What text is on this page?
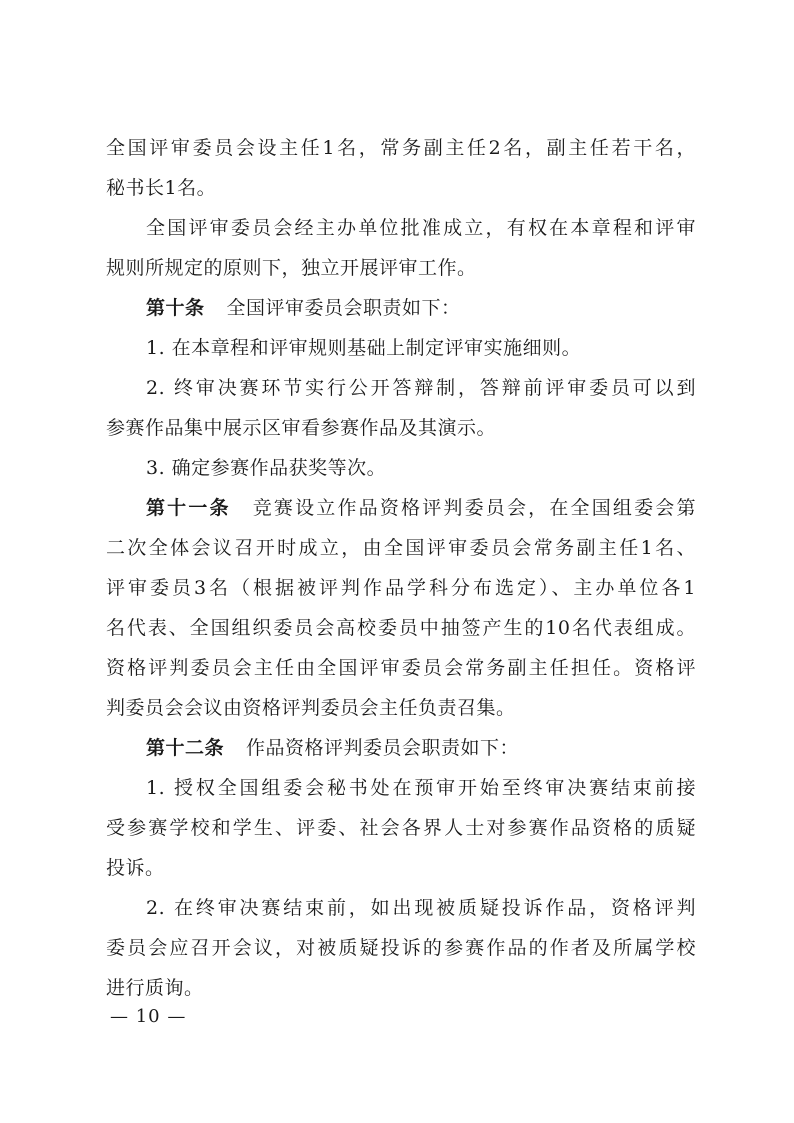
全国评审委员会设主任1名，常务副主任2名，副主任若干名，
秘书长1名。
全国评审委员会经主办单位批准成立，有权在本章程和评审
规则所规定的原则下，独立开展评审工作。
第十条 全国评审委员会职责如下：
1. 在本章程和评审规则基础上制定评审实施细则。
2. 终审决赛环节实行公开答辩制，答辩前评审委员可以到
参赛作品集中展示区审看参赛作品及其演示。
3. 确定参赛作品获奖等次。
第十一条 竞赛设立作品资格评判委员会，在全国组委会第
二次全体会议召开时成立，由全国评审委员会常务副主任1名、
评审委员3名（根据被评判作品学科分布选定）、主办单位各1
名代表、全国组织委员会高校委员中抽签产生的10名代表组成。
资格评判委员会主任由全国评审委员会常务副主任担任。资格评
判委员会会议由资格评判委员会主任负责召集。
第十二条 作品资格评判委员会职责如下：
1. 授权全国组委会秘书处在预审开始至终审决赛结束前接
受参赛学校和学生、评委、社会各界人士对参赛作品资格的质疑
投诉。
2. 在终审决赛结束前，如出现被质疑投诉作品，资格评判
委员会应召开会议，对被质疑投诉的参赛作品的作者及所属学校
进行质询。
— 10 —
